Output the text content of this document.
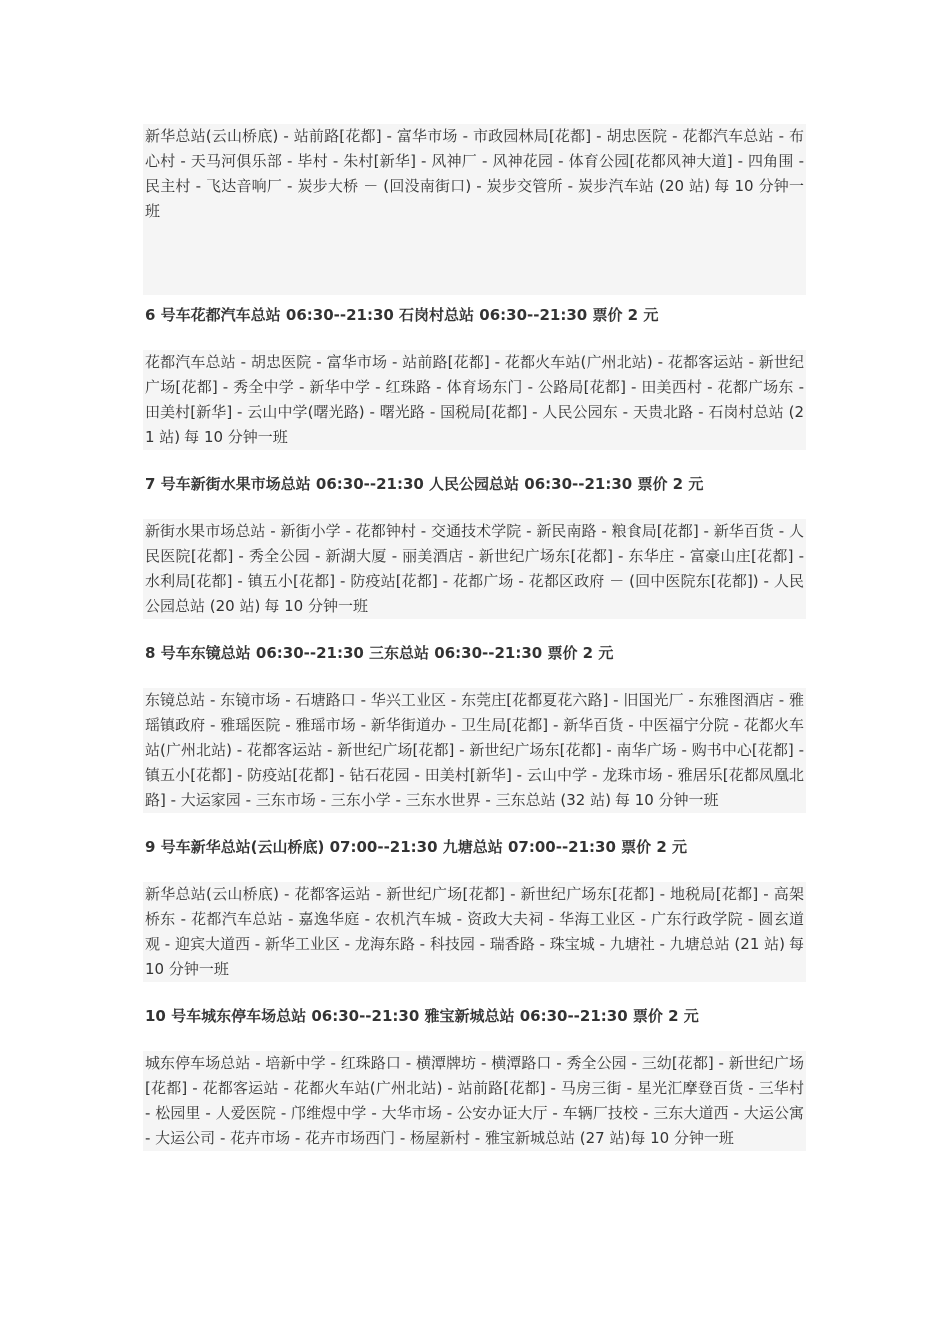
新华总站(云山桥底) - 站前路[花都] - 富华市场 - 市政园林局[花都] - 胡忠医院 - 花都汽车总站 - 布心村 - 天马河俱乐部 - 毕村 - 朱村[新华] - 风神厂 - 风神花园 - 体育公园[花都风神大道] - 四角围 - 民主村 - 飞达音响厂 - 炭步大桥 － (回没南街口) - 炭步交管所 - 炭步汽车站 (20 站) 每 10 分钟一班

6 号车花都汽车总站 06:30--21:30 石岗村总站 06:30--21:30 票价 2 元

花都汽车总站 - 胡忠医院 - 富华市场 - 站前路[花都] - 花都火车站(广州北站) - 花都客运站 - 新世纪广场[花都] - 秀全中学 - 新华中学 - 红珠路 - 体育场东门 - 公路局[花都] - 田美西村 - 花都广场东 - 田美村[新华] - 云山中学(曙光路) - 曙光路 - 国税局[花都] - 人民公园东 - 天贵北路 - 石岗村总站 (21 站) 每 10 分钟一班

7 号车新街水果市场总站 06:30--21:30 人民公园总站 06:30--21:30 票价 2 元

新街水果市场总站 - 新街小学 - 花都钟村 - 交通技术学院 - 新民南路 - 粮食局[花都] - 新华百货 - 人民医院[花都] - 秀全公园 - 新湖大厦 - 丽美酒店 - 新世纪广场东[花都] - 东华庄 - 富豪山庄[花都] - 水利局[花都] - 镇五小[花都] - 防疫站[花都] - 花都广场 - 花都区政府 － (回中医院东[花都]) - 人民公园总站 (20 站) 每 10 分钟一班

8 号车东镜总站 06:30--21:30 三东总站 06:30--21:30 票价 2 元

东镜总站 - 东镜市场 - 石塘路口 - 华兴工业区 - 东莞庄[花都夏花六路] - 旧国光厂 - 东雅图酒店 - 雅瑶镇政府 - 雅瑶医院 - 雅瑶市场 - 新华街道办 - 卫生局[花都] - 新华百货 - 中医福宁分院 - 花都火车站(广州北站) - 花都客运站 - 新世纪广场[花都] - 新世纪广场东[花都] - 南华广场 - 购书中心[花都] - 镇五小[花都] - 防疫站[花都] - 钻石花园 - 田美村[新华] - 云山中学 - 龙珠市场 - 雅居乐[花都凤凰北路] - 大运家园 - 三东市场 - 三东小学 - 三东水世界 - 三东总站 (32 站) 每 10 分钟一班

9 号车新华总站(云山桥底) 07:00--21:30 九塘总站 07:00--21:30 票价 2 元

新华总站(云山桥底) - 花都客运站 - 新世纪广场[花都] - 新世纪广场东[花都] - 地税局[花都] - 高架桥东 - 花都汽车总站 - 嘉逸华庭 - 农机汽车城 - 资政大夫祠 - 华海工业区 - 广东行政学院 - 圆玄道观 - 迎宾大道西 - 新华工业区 - 龙海东路 - 科技园 - 瑞香路 - 珠宝城 - 九塘社 - 九塘总站 (21 站) 每 10 分钟一班

10 号车城东停车场总站 06:30--21:30 雅宝新城总站 06:30--21:30 票价 2 元

城东停车场总站 - 培新中学 - 红珠路口 - 横潭牌坊 - 横潭路口 - 秀全公园 - 三幼[花都] - 新世纪广场[花都] - 花都客运站 - 花都火车站(广州北站) - 站前路[花都] - 马房三街 - 星光汇摩登百货 - 三华村 - 松园里 - 人爱医院 - 邝维煜中学 - 大华市场 - 公安办证大厅 - 车辆厂技校 - 三东大道西 - 大运公寓 - 大运公司 - 花卉市场 - 花卉市场西门 - 杨屋新村 - 雅宝新城总站 (27 站)每 10 分钟一班
